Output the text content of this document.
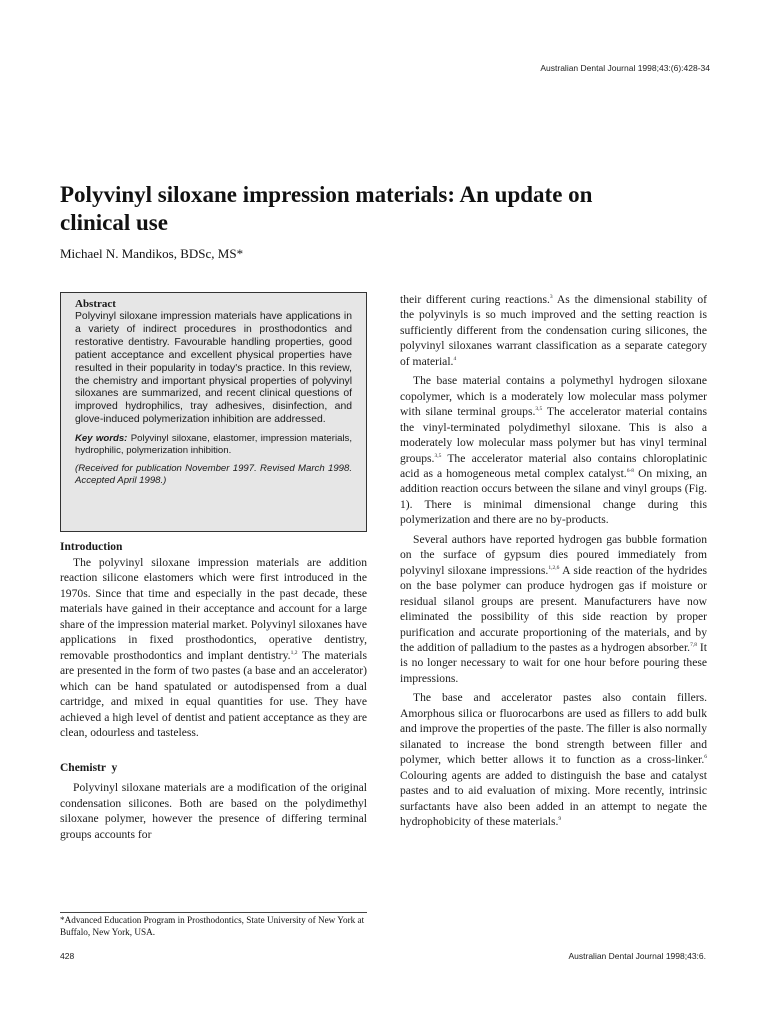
Australian Dental Journal 1998;43:(6):428-34
Polyvinyl siloxane impression materials: An update on clinical use
Michael N. Mandikos, BDSc, MS*
Abstract

Polyvinyl siloxane impression materials have applications in a variety of indirect procedures in prosthodontics and restorative dentistry. Favourable handling properties, good patient acceptance and excellent physical properties have resulted in their popularity in today's practice. In this review, the chemistry and important physical properties of polyvinyl siloxanes are summarized, and recent clinical questions of improved hydrophilics, tray adhesives, disinfection, and glove-induced polymerization inhibition are addressed.

Key words: Polyvinyl siloxane, elastomer, impression materials, hydrophilic, polymerization inhibition.

(Received for publication November 1997. Revised March 1998. Accepted April 1998.)

Introduction

The polyvinyl siloxane impression materials are addition reaction silicone elastomers which were first introduced in the 1970s. Since that time and especially in the past decade, these materials have gained in their acceptance and account for a large share of the impression material market. Polyvinyl siloxanes have applications in fixed prosthodontics, operative dentistry, removable prosthodontics and implant dentistry.$^{1,2}$ The materials are presented in the form of two pastes (a base and an accelerator) which can be hand spatulated or autodispensed from a dual cartridge, and mixed in equal quantities for use. They have achieved a high level of dentist and patient acceptance as they are clean, odourless and tasteless.

Chemistr  y

Polyvinyl siloxane materials are a modification of the original condensation silicones. Both are based on the polydimethyl siloxane polymer, however the presence of differing terminal groups accounts for

their different curing reactions.$^3$ As the dimensional stability of the polyvinyls is so much improved and the setting reaction is sufficiently different from the condensation curing silicones, the polyvinyl siloxanes warrant classification as a separate category of material.$^4$

The base material contains a polymethyl hydrogen siloxane copolymer, which is a moderately low molecular mass polymer with silane terminal groups.$^{3,5}$ The accelerator material contains the vinyl-terminated polydimethyl siloxane. This is also a moderately low molecular mass polymer but has vinyl terminal groups.$^{3,5}$ The accelerator material also contains chloroplatinic acid as a homogeneous metal complex catalyst.$^{6-8}$ On mixing, an addition reaction occurs between the silane and vinyl groups (Fig. 1). There is minimal dimensional change during this polymerization and there are no by-products.

Several authors have reported hydrogen gas bubble formation on the surface of gypsum dies poured immediately from polyvinyl siloxane impressions.$^{1,2,6}$ A side reaction of the hydrides on the base polymer can produce hydrogen gas if moisture or residual silanol groups are present. Manufacturers have now eliminated the possibility of this side reaction by proper purification and accurate proportioning of the materials, and by the addition of palladium to the pastes as a hydrogen absorber.$^{7,8}$ It is no longer necessary to wait for one hour before pouring these impressions.

The base and accelerator pastes also contain fillers. Amorphous silica or fluorocarbons are used as fillers to add bulk and improve the properties of the paste. The filler is also normally silanated to increase the bond strength between filler and polymer, which better allows it to function as a cross-linker.$^6$ Colouring agents are added to distinguish the base and catalyst pastes and to aid evaluation of mixing. More recently, intrinsic surfactants have also been added in an attempt to negate the hydrophobicity of these materials.$^9$

*Advanced Education Program in Prosthodontics, State University of New York at Buffalo, New York, USA.
428	Australian Dental Journal 1998;43:6.
